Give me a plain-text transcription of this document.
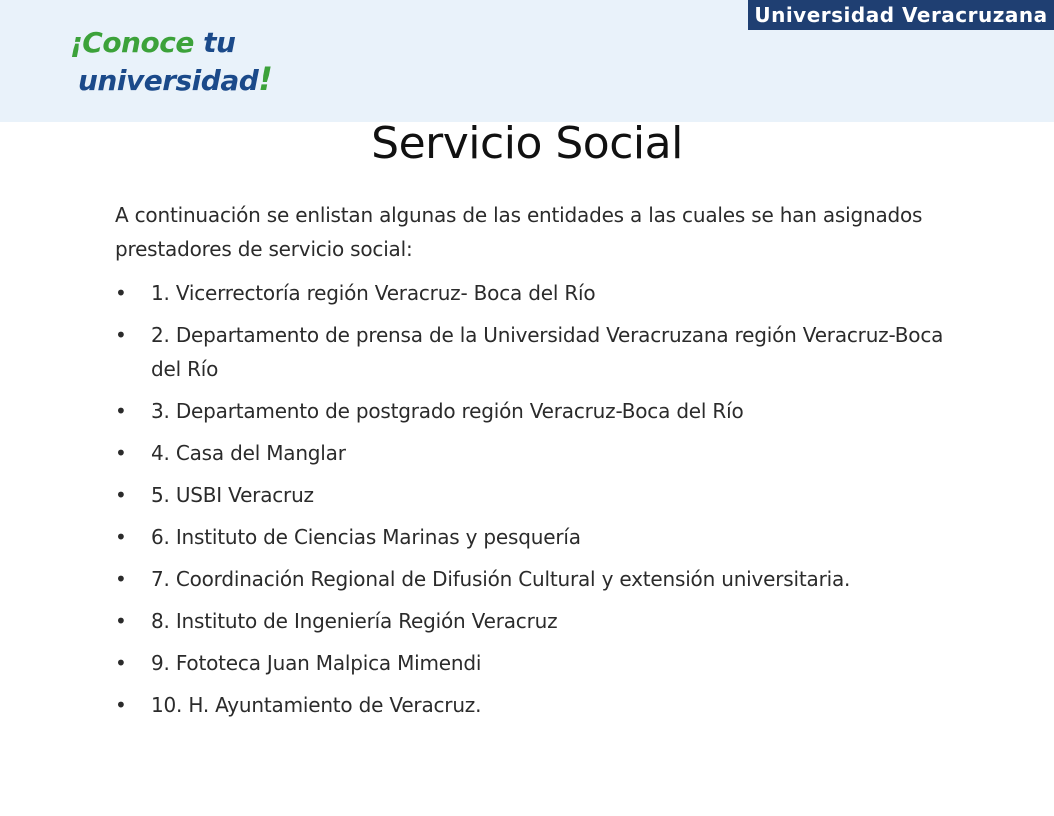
Universidad Veracruzana
¡Conoce tu
universidad!
Servicio Social

A continuación se enlistan algunas de las entidades a las cuales se han asignados prestadores de servicio social:

• 1. Vicerrectoría región Veracruz- Boca del Río
• 2. Departamento de prensa de la Universidad Veracruzana región Veracruz-Boca del Río
• 3. Departamento de postgrado región Veracruz-Boca del Río
• 4. Casa del Manglar
• 5. USBI Veracruz
• 6. Instituto de Ciencias Marinas y pesquería
• 7. Coordinación Regional de Difusión Cultural y extensión universitaria.
• 8. Instituto de Ingeniería Región Veracruz
• 9. Fototeca Juan Malpica Mimendi
• 10. H. Ayuntamiento de Veracruz.
